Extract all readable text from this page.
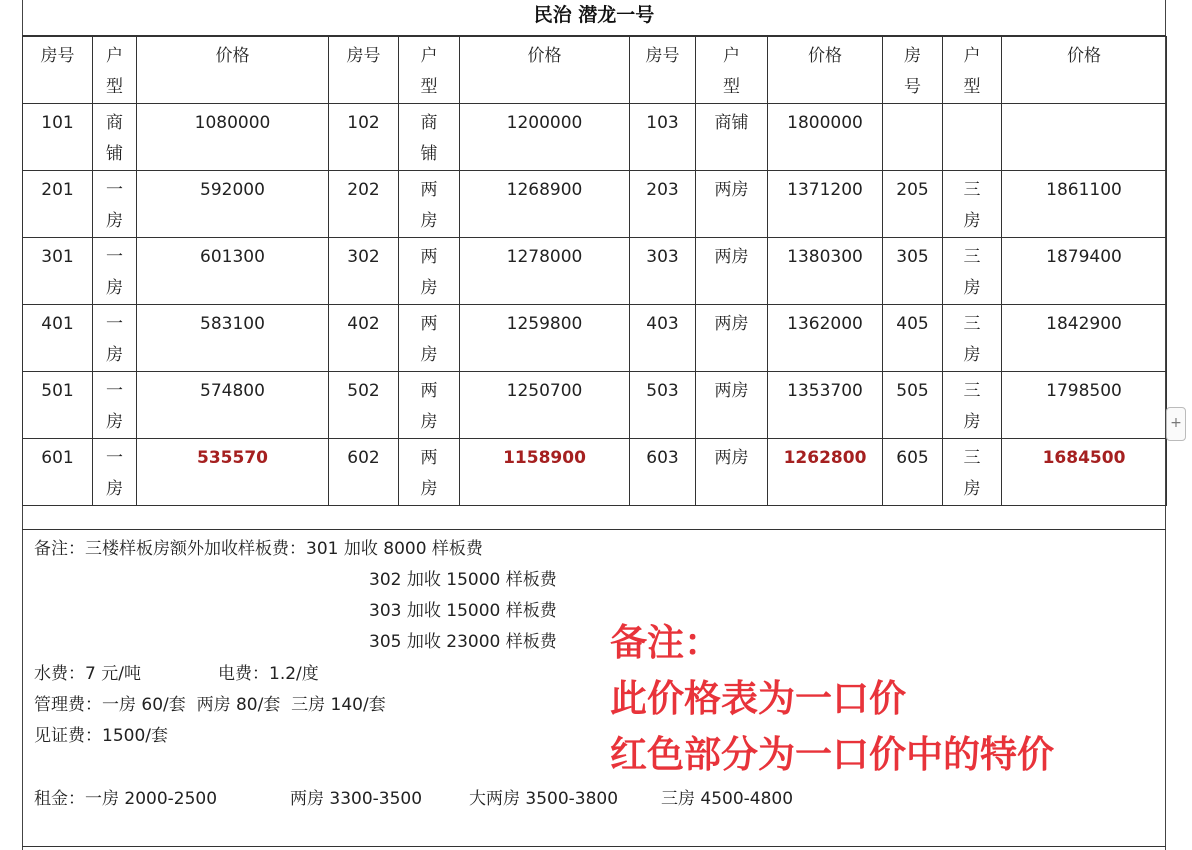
民治 潜龙一号
房号	户型	价格	房号	户型	价格	房号	户型	价格	房号	户型	价格
101	商铺	1080000	102	商铺	1200000	103	商铺	1800000			
201	一房	592000	202	两房	1268900	203	两房	1371200	205	三房	1861100
301	一房	601300	302	两房	1278000	303	两房	1380300	305	三房	1879400
401	一房	583100	402	两房	1259800	403	两房	1362000	405	三房	1842900
501	一房	574800	502	两房	1250700	503	两房	1353700	505	三房	1798500
601	一房	535570	602	两房	1158900	603	两房	1262800	605	三房	1684500
备注：三楼样板房额外加收样板费：301 加收 8000 样板费
302 加收 15000 样板费
303 加收 15000 样板费
305 加收 23000 样板费
水费：7 元/吨	电费：1.2/度
管理费：一房 60/套  两房 80/套  三房 140/套
见证费：1500/套
租金：一房 2000-2500	两房 3300-3500	大两房 3500-3800	三房 4500-4800
备注：
此价格表为一口价
红色部分为一口价中的特价
+
